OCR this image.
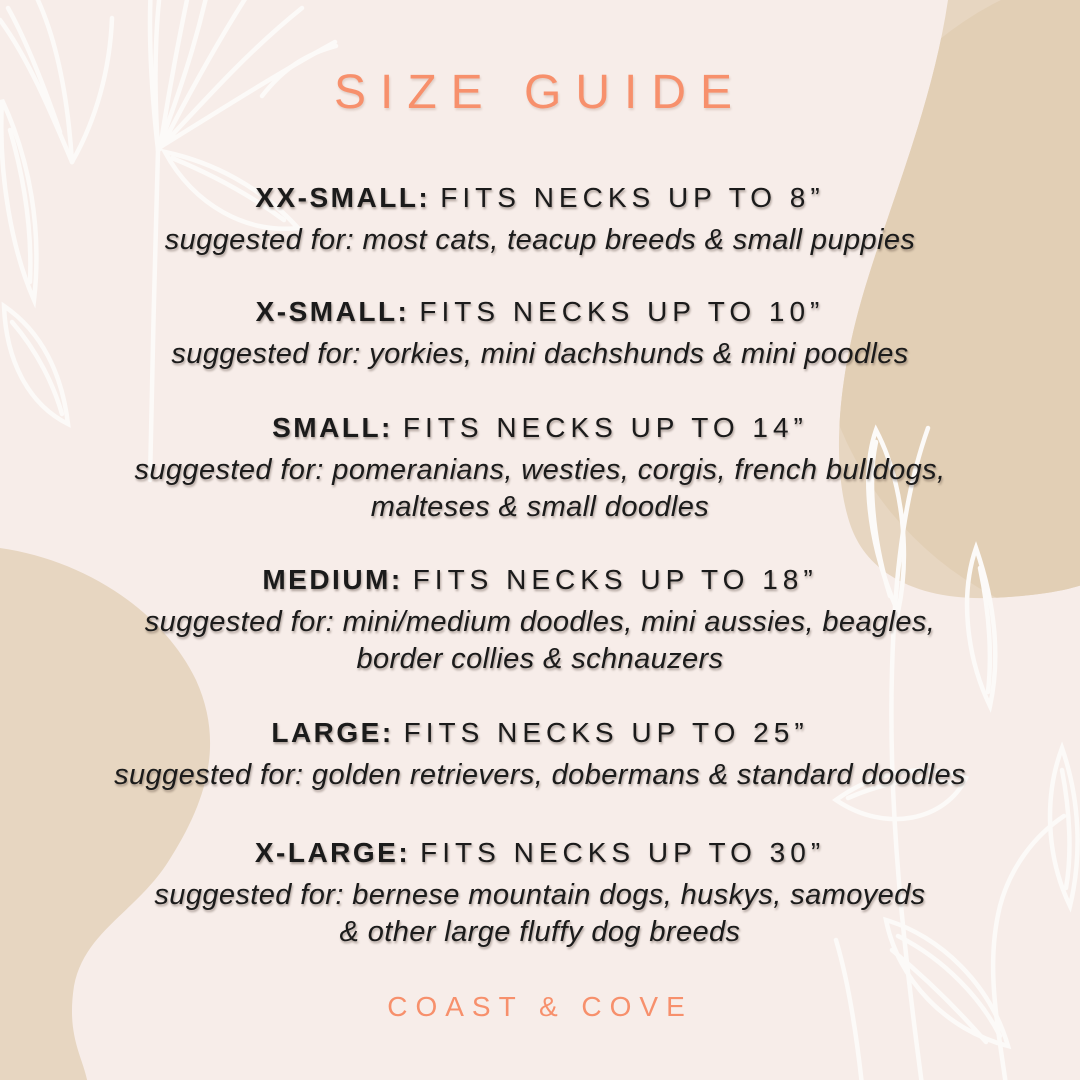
SIZE GUIDE
XX-SMALL: FITS NECKS UP TO 8”
suggested for: most cats, teacup breeds & small puppies
X-SMALL: FITS NECKS UP TO 10”
suggested for: yorkies, mini dachshunds & mini poodles
SMALL: FITS NECKS UP TO 14”
suggested for: pomeranians, westies, corgis, french bulldogs,
malteses & small doodles
MEDIUM: FITS NECKS UP TO 18”
suggested for: mini/medium doodles, mini aussies, beagles,
border collies & schnauzers
LARGE: FITS NECKS UP TO 25”
suggested for: golden retrievers, dobermans & standard doodles
X-LARGE: FITS NECKS UP TO 30”
suggested for: bernese mountain dogs, huskys, samoyeds
& other large fluffy dog breeds
COAST & COVE
